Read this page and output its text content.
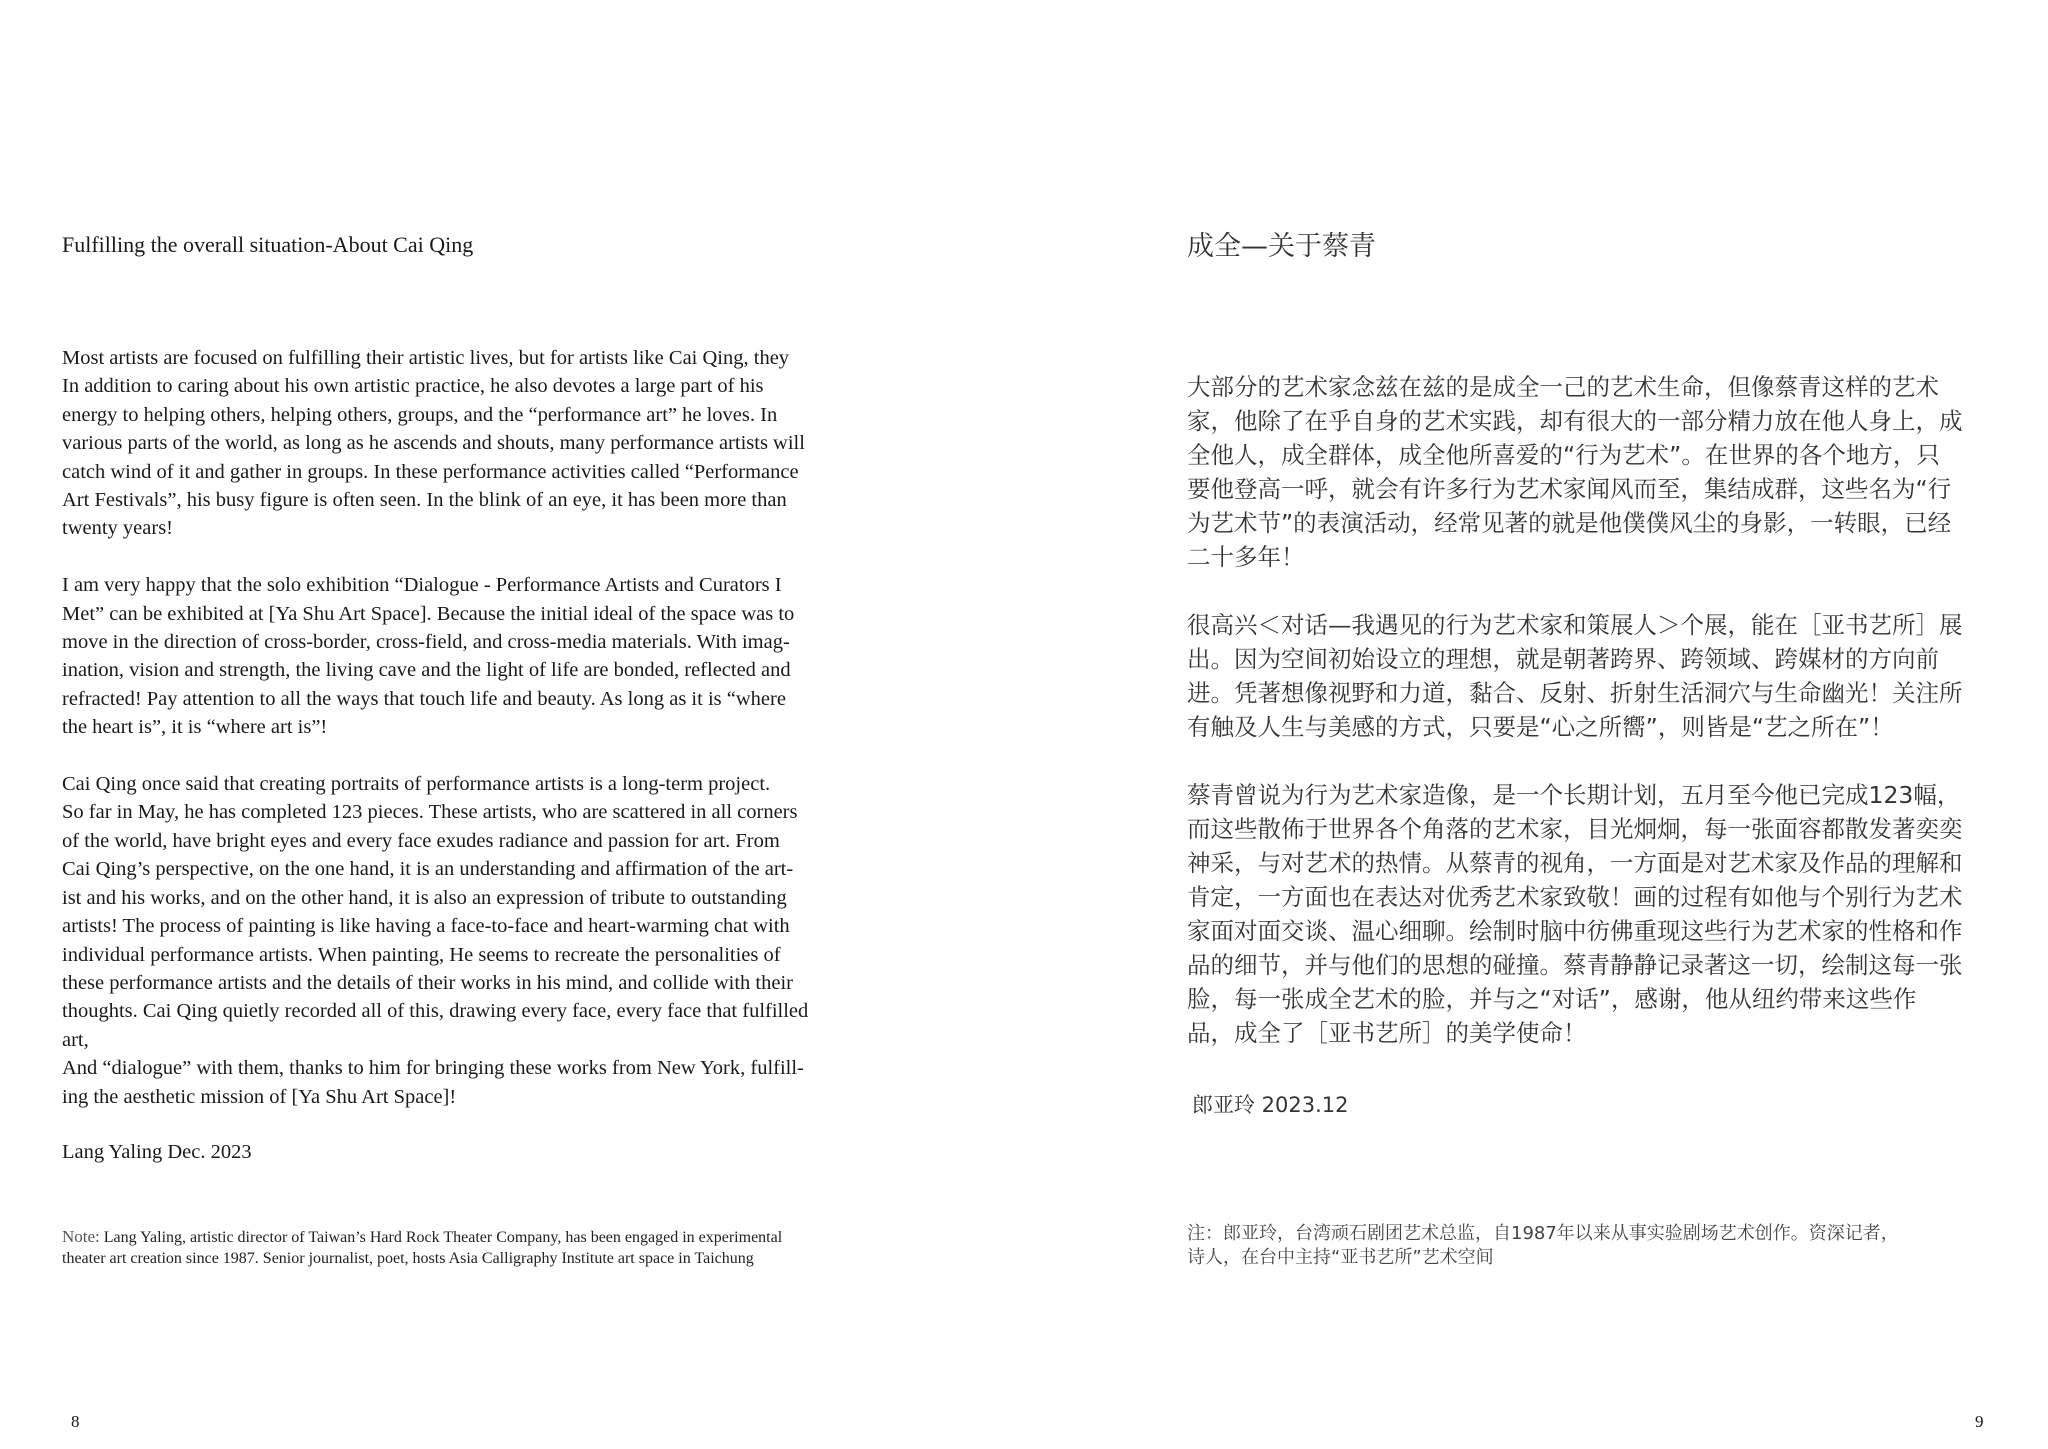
Fulfilling the overall situation-About Cai Qing

Most artists are focused on fulfilling their artistic lives, but for artists like Cai Qing, they
In addition to caring about his own artistic practice, he also devotes a large part of his
energy to helping others, helping others, groups, and the “performance art” he loves. In
various parts of the world, as long as he ascends and shouts, many performance artists will
catch wind of it and gather in groups. In these performance activities called “Performance
Art Festivals”, his busy figure is often seen. In the blink of an eye, it has been more than
twenty years!

I am very happy that the solo exhibition “Dialogue - Performance Artists and Curators I
Met” can be exhibited at [Ya Shu Art Space]. Because the initial ideal of the space was to
move in the direction of cross-border, cross-field, and cross-media materials. With imag-
ination, vision and strength, the living cave and the light of life are bonded, reflected and
refracted! Pay attention to all the ways that touch life and beauty. As long as it is “where
the heart is”, it is “where art is”!

Cai Qing once said that creating portraits of performance artists is a long-term project.
So far in May, he has completed 123 pieces. These artists, who are scattered in all corners
of the world, have bright eyes and every face exudes radiance and passion for art. From
Cai Qing’s perspective, on the one hand, it is an understanding and affirmation of the art-
ist and his works, and on the other hand, it is also an expression of tribute to outstanding
artists! The process of painting is like having a face-to-face and heart-warming chat with
individual performance artists. When painting, He seems to recreate the personalities of
these performance artists and the details of their works in his mind, and collide with their
thoughts. Cai Qing quietly recorded all of this, drawing every face, every face that fulfilled
art,
And “dialogue” with them, thanks to him for bringing these works from New York, fulfill-
ing the aesthetic mission of [Ya Shu Art Space]!

Lang Yaling Dec. 2023
Note: Lang Yaling, artistic director of Taiwan’s Hard Rock Theater Company, has been engaged in experimental
theater art creation since 1987. Senior journalist, poet, hosts Asia Calligraphy Institute art space in Taichung
8
成全—关于蔡青

大部分的艺术家念兹在兹的是成全一己的艺术生命，但像蔡青这样的艺术
家，他除了在乎自身的艺术实践，却有很大的一部分精力放在他人身上，成
全他人，成全群体，成全他所喜爱的“行为艺术”。在世界的各个地方，只
要他登高一呼，就会有许多行为艺术家闻风而至，集结成群，这些名为“行
为艺术节”的表演活动，经常见著的就是他僕僕风尘的身影，一转眼，已经
二十多年！

很高兴＜对话—我遇见的行为艺术家和策展人＞个展，能在［亚书艺所］展
出。因为空间初始设立的理想，就是朝著跨界、跨领域、跨媒材的方向前
进。凭著想像视野和力道，黏合、反射、折射生活洞穴与生命幽光！关注所
有触及人生与美感的方式，只要是“心之所嚮”，则皆是“艺之所在”！

蔡青曾说为行为艺术家造像，是一个长期计划，五月至今他已完成123幅，
而这些散佈于世界各个角落的艺术家，目光炯炯，每一张面容都散发著奕奕
神采，与对艺术的热情。从蔡青的视角，一方面是对艺术家及作品的理解和
肯定，一方面也在表达对优秀艺术家致敬！画的过程有如他与个别行为艺术
家面对面交谈、温心细聊。绘制时脑中彷佛重现这些行为艺术家的性格和作
品的细节，并与他们的思想的碰撞。蔡青静静记录著这一切，绘制这每一张
脸，每一张成全艺术的脸，并与之“对话”，感谢，他从纽约带来这些作
品，成全了［亚书艺所］的美学使命！

郎亚玲 2023.12
注：郎亚玲，台湾顽石剧团艺术总监，自1987年以来从事实验剧场艺术创作。资深记者，
诗人，在台中主持“亚书艺所”艺术空间
9
